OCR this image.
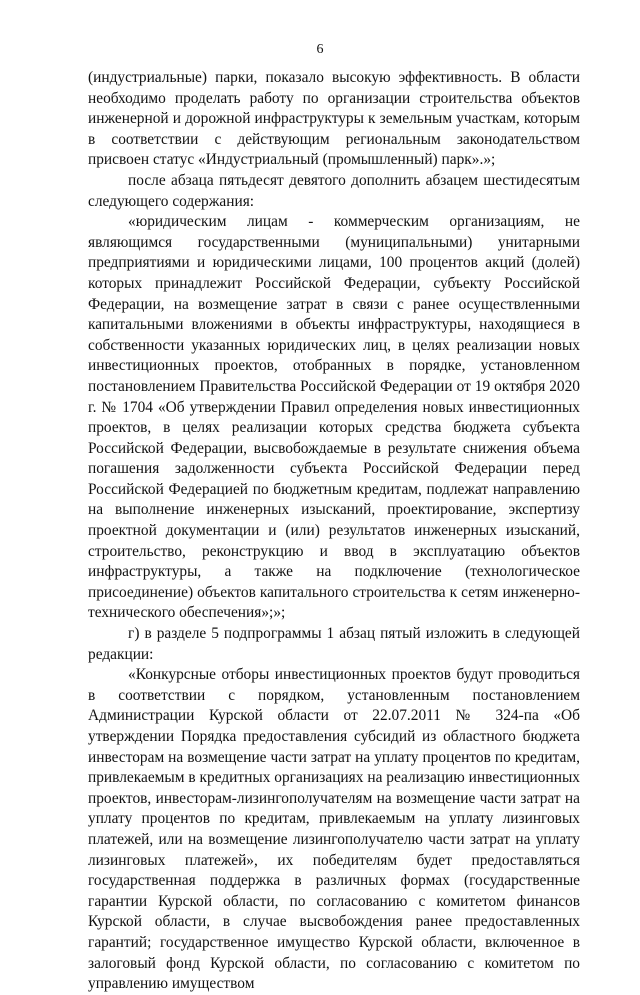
6

(индустриальные) парки, показало высокую эффективность. В области необходимо проделать работу по организации строительства объектов инженерной и дорожной инфраструктуры к земельным участкам, которым в соответствии с действующим региональным законодательством присвоен статус «Индустриальный (промышленный) парк».»;

после абзаца пятьдесят девятого дополнить абзацем шестидесятым следующего содержания:

«юридическим лицам - коммерческим организациям, не являющимся государственными (муниципальными) унитарными предприятиями и юридическими лицами, 100 процентов акций (долей) которых принадлежит Российской Федерации, субъекту Российской Федерации, на возмещение затрат в связи с ранее осуществленными капитальными вложениями в объекты инфраструктуры, находящиеся в собственности указанных юридических лиц, в целях реализации новых инвестиционных проектов, отобранных в порядке, установленном постановлением Правительства Российской Федерации от 19 октября 2020 г. № 1704 «Об утверждении Правил определения новых инвестиционных проектов, в целях реализации которых средства бюджета субъекта Российской Федерации, высвобождаемые в результате снижения объема погашения задолженности субъекта Российской Федерации перед Российской Федерацией по бюджетным кредитам, подлежат направлению на выполнение инженерных изысканий, проектирование, экспертизу проектной документации и (или) результатов инженерных изысканий, строительство, реконструкцию и ввод в эксплуатацию объектов инфраструктуры, а также на подключение (технологическое присоединение) объектов капитального строительства к сетям инженерно-технического обеспечения»;»;

г) в разделе 5 подпрограммы 1 абзац пятый изложить в следующей редакции:

«Конкурсные отборы инвестиционных проектов будут проводиться в соответствии с порядком, установленным постановлением Администрации Курской области от 22.07.2011 № 324-па «Об утверждении Порядка предоставления субсидий из областного бюджета инвесторам на возмещение части затрат на уплату процентов по кредитам, привлекаемым в кредитных организациях на реализацию инвестиционных проектов, инвесторам-лизингополучателям на возмещение части затрат на уплату процентов по кредитам, привлекаемым на уплату лизинговых платежей, или на возмещение лизингополучателю части затрат на уплату лизинговых платежей», их победителям будет предоставляться государственная поддержка в различных формах (государственные гарантии Курской области, по согласованию с комитетом финансов Курской области, в случае высвобождения ранее предоставленных гарантий; государственное имущество Курской области, включенное в залоговый фонд Курской области, по согласованию с комитетом по управлению имуществом
